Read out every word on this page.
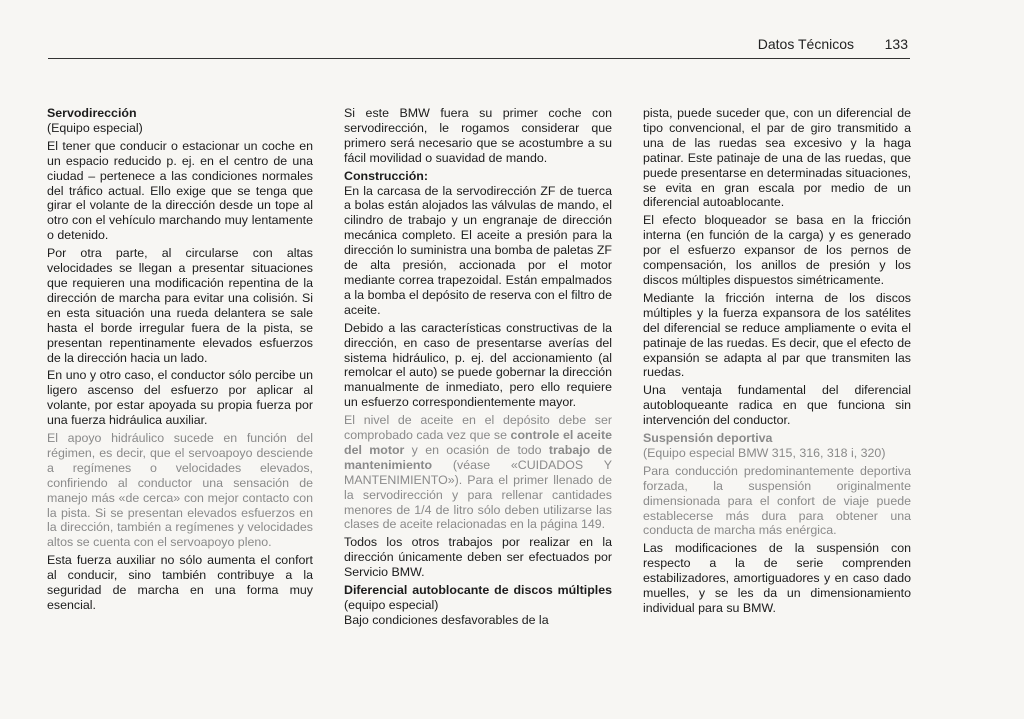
Datos Técnicos 133
Servodirección

(Equipo especial)

El tener que conducir o estacionar un coche en un espacio reducido p. ej. en el centro de una ciudad – pertenece a las condiciones normales del tráfico actual. Ello exige que se tenga que girar el volante de la dirección desde un tope al otro con el vehículo marchando muy lentamente o detenido.

Por otra parte, al circularse con altas velocidades se llegan a presentar situaciones que requieren una modificación repentina de la dirección de marcha para evitar una colisión. Si en esta situación una rueda delantera se sale hasta el borde irregular fuera de la pista, se presentan repentinamente elevados esfuerzos de la dirección hacia un lado.

En uno y otro caso, el conductor sólo percibe un ligero ascenso del esfuerzo por aplicar al volante, por estar apoyada su propia fuerza por una fuerza hidráulica auxiliar.

El apoyo hidráulico sucede en función del régimen, es decir, que el servoapoyo desciende a regímenes o velocidades elevados, confiriendo al conductor una sensación de manejo más «de cerca» con mejor contacto con la pista. Si se presentan elevados esfuerzos en la dirección, también a regímenes y velocidades altos se cuenta con el servoapoyo pleno.

Esta fuerza auxiliar no sólo aumenta el confort al conducir, sino también contribuye a la seguridad de marcha en una forma muy esencial.

Si este BMW fuera su primer coche con servodirección, le rogamos considerar que primero será necesario que se acostumbre a su fácil movilidad o suavidad de mando.

Construcción:

En la carcasa de la servodirección ZF de tuerca a bolas están alojados las válvulas de mando, el cilindro de trabajo y un engranaje de dirección mecánica completo. El aceite a presión para la dirección lo suministra una bomba de paletas ZF de alta presión, accionada por el motor mediante correa trapezoidal. Están empalmados a la bomba el depósito de reserva con el filtro de aceite.

Debido a las características constructivas de la dirección, en caso de presentarse averías del sistema hidráulico, p. ej. del accionamiento (al remolcar el auto) se puede gobernar la dirección manualmente de inmediato, pero ello requiere un esfuerzo correspondientemente mayor.

El nivel de aceite en el depósito debe ser comprobado cada vez que se controle el aceite del motor y en ocasión de todo trabajo de mantenimiento (véase «CUIDADOS Y MANTENIMIENTO»). Para el primer llenado de la servodirección y para rellenar cantidades menores de 1/4 de litro sólo deben utilizarse las clases de aceite relacionadas en la página 149.

Todos los otros trabajos por realizar en la dirección únicamente deben ser efectuados por Servicio BMW.

Diferencial autoblocante de discos múltiples (equipo especial)

Bajo condiciones desfavorables de la

pista, puede suceder que, con un diferencial de tipo convencional, el par de giro transmitido a una de las ruedas sea excesivo y la haga patinar. Este patinaje de una de las ruedas, que puede presentarse en determinadas situaciones, se evita en gran escala por medio de un diferencial autoablocante.

El efecto bloqueador se basa en la fricción interna (en función de la carga) y es generado por el esfuerzo expansor de los pernos de compensación, los anillos de presión y los discos múltiples dispuestos simétricamente.

Mediante la fricción interna de los discos múltiples y la fuerza expansora de los satélites del diferencial se reduce ampliamente o evita el patinaje de las ruedas. Es decir, que el efecto de expansión se adapta al par que transmiten las ruedas.

Una ventaja fundamental del diferencial autobloqueante radica en que funciona sin intervención del conductor.

Suspensión deportiva

(Equipo especial BMW 315, 316, 318 i, 320)

Para conducción predominantemente deportiva forzada, la suspensión originalmente dimensionada para el confort de viaje puede establecerse más dura para obtener una conducta de marcha más enérgica.

Las modificaciones de la suspensión con respecto a la de serie comprenden estabilizadores, amortiguadores y en caso dado muelles, y se les da un dimensionamiento individual para su BMW.
